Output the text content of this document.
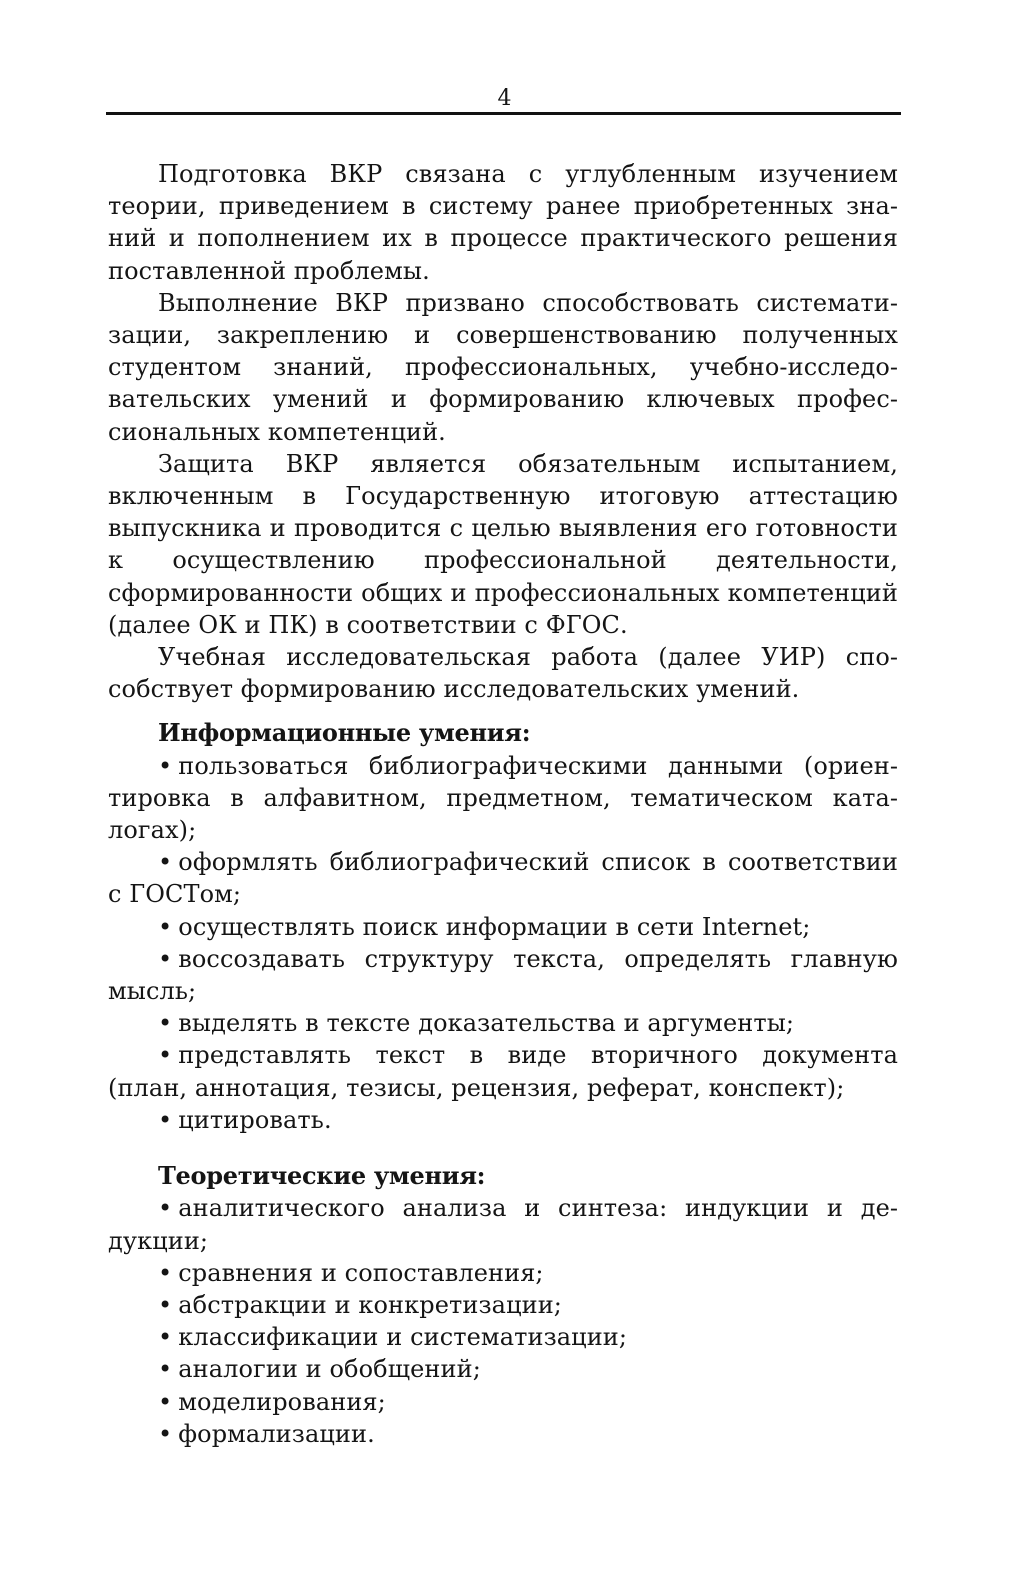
4

Подготовка ВКР связана с углубленным изучением теории, приведением в систему ранее приобретенных знаний и пополнением их в процессе практического решения поставленной проблемы.

Выполнение ВКР призвано способствовать систематизации, закреплению и совершенствованию полученных студентом знаний, профессиональных, учебно-исследовательских умений и формированию ключевых профессиональных компетенций.

Защита ВКР является обязательным испытанием, включенным в Государственную итоговую аттестацию выпускника и проводится с целью выявления его готовности к осуществлению профессиональной деятельности, сформированности общих и профессиональных компетенций (далее ОК и ПК) в соответствии с ФГОС.

Учебная исследовательская работа (далее УИР) способствует формированию исследовательских умений.

Информационные умения:
• пользоваться библиографическими данными (ориентировка в алфавитном, предметном, тематическом каталогах);
• оформлять библиографический список в соответствии с ГОСТом;
• осуществлять поиск информации в сети Internet;
• воссоздавать структуру текста, определять главную мысль;
• выделять в тексте доказательства и аргументы;
• представлять текст в виде вторичного документа (план, аннотация, тезисы, рецензия, реферат, конспект);
• цитировать.
Теоретические умения:
• аналитического анализа и синтеза: индукции и дедукции;
• сравнения и сопоставления;
• абстракции и конкретизации;
• классификации и систематизации;
• аналогии и обобщений;
• моделирования;
• формализации.
